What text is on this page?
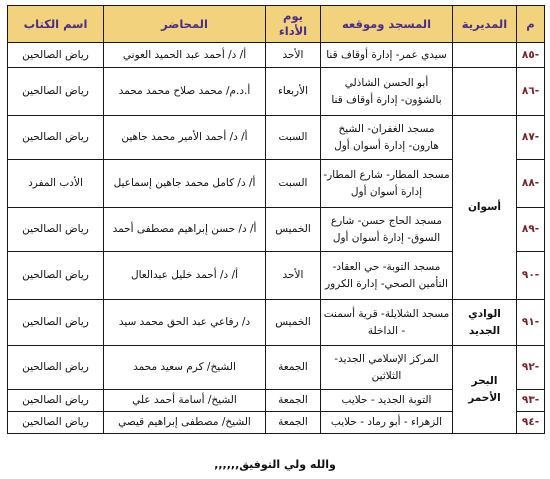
م	المديرية	المسجد وموقعه	يوم الأداء	المحاضر	اسم الكتاب
-٨٥		سيدي عمر- إدارة أوقاف قنا	الأحد	أ/ د/ أحمد عبد الحميد العوني	رياض الصالحين
-٨٦		أبو الحسن الشاذلي بالشؤون- إدارة أوقاف قنا	الأربعاء	أ.د.م/ محمد صلاح محمد محمد	رياض الصالحين
-٨٧	أسوان	مسجد الغفران- الشيخ هارون- إدارة أسوان أول	السبت	أ/ د/ أحمد الأمير محمد جاهين	رياض الصالحين
-٨٨		مسجد المطار- شارع المطار- إدارة أسوان أول	السبت	أ/ د/ كامل محمد جاهين إسماعيل	الأدب المفرد
-٨٩		مسجد الحاج حسن- شارع السوق- إدارة أسوان أول	الخميس	أ/ د/ حسن إبراهيم مصطفى أحمد	رياض الصالحين
-٩٠		مسجد التوبة- حي العقاد- التأمين الصحي- إدارة الكرور	الأحد	أ/ د/ أحمد خليل عبدالعال	رياض الصالحين
-٩١	الوادي الجديد	مسجد الشلايلة- قرية أسمنت - الداخلة	الخميس	د/ رفاعي عبد الحق محمد سيد	رياض الصالحين
-٩٢	البحر الأحمر	المركز الإسلامي الجديد- الثلاثين	الجمعة	الشيخ/ كرم سعيد محمد	رياض الصالحين
-٩٣		التوبة الجديد - حلايب	الجمعة	الشيخ/ أسامة أحمد علي	رياض الصالحين
-٩٤		الزهراء - أبو رماد - حلايب	الجمعة	الشيخ/ مصطفى إبراهيم قيصي	رياض الصالحين
والله ولي التوفيق,,,,,,
